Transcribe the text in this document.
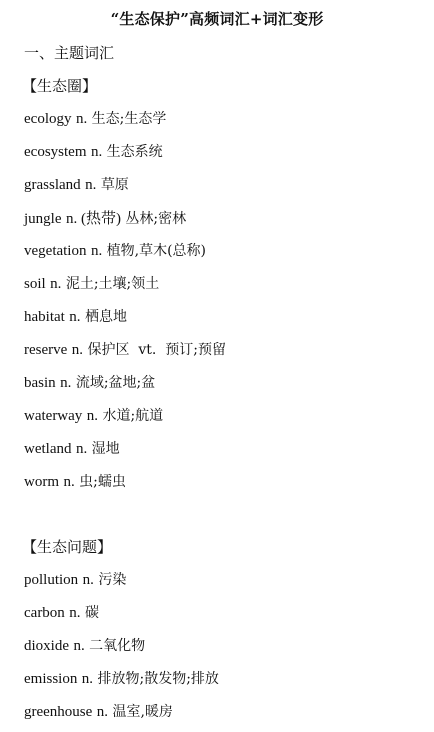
“生态保护”高频词汇+词汇变形
一、主题词汇
【生态圈】
ecology n. 生态;生态学
ecosystem n. 生态系统
grassland n. 草原
jungle n. (热带) 丛林;密林
vegetation n. 植物,草木(总称)
soil n. 泥土;土壤;领土
habitat n. 栖息地
reserve n. 保护区  vt.  预订;预留
basin n. 流域;盆地;盆
waterway n. 水道;航道
wetland n. 湿地
worm n. 虫;蠕虫
【生态问题】
pollution n. 污染
carbon n. 碳
dioxide n. 二氧化物
emission n. 排放物;散发物;排放
greenhouse n. 温室,暖房
